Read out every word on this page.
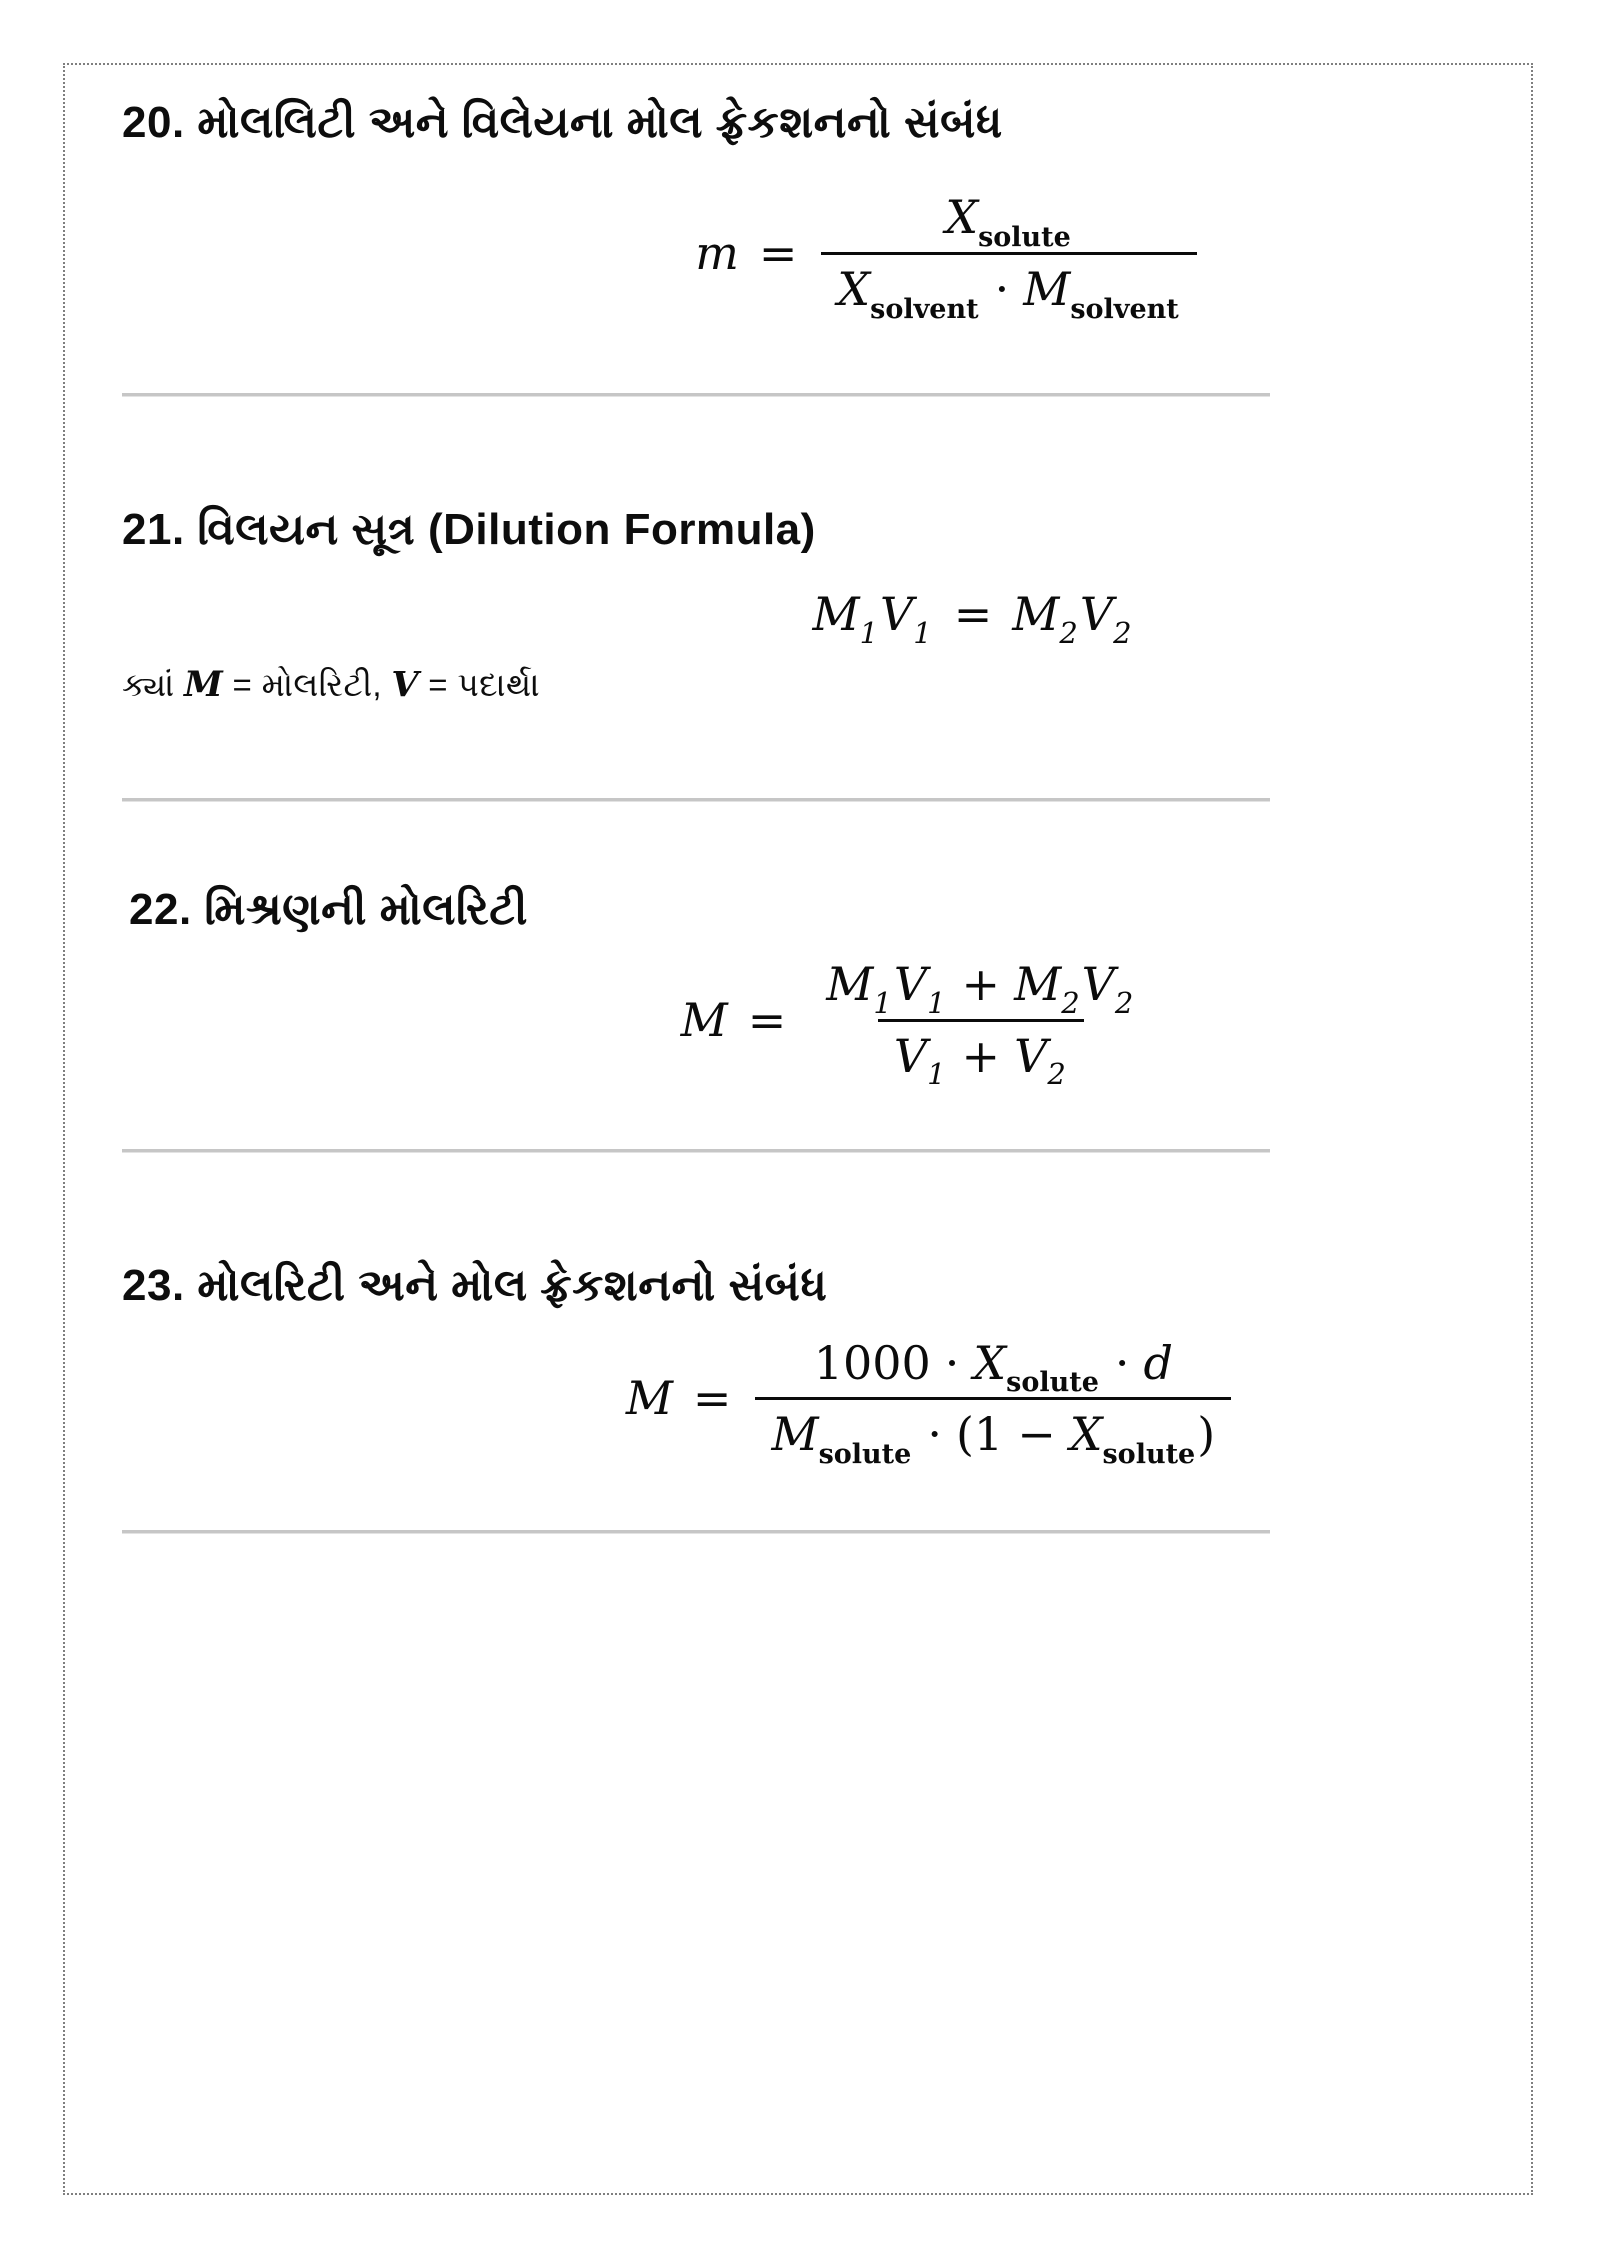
20. મોલલિટી અને વિલેયના મોલ ફ્રેકશનનો સંબંધ
$m = \frac{\text{X solute}}{\text{X solvent · M solvent}}$
21. વિલયન સૂત્ર (Dilution Formula)
M 1 V 1 = M 2 V 2

ક્યાં M = મોલરિટી, V = પદાર્થ।

22. મિશ્રણની મોલરિટી
$M = \frac{M 1 V 1 + M 2 V 2}{V 1 + V 2}$
23. મોલરિટી અને મોલ ફ્રેકશનનો સંબંધ
M =
1000 · X solute · d
M solute · ( 1 − X solute )
